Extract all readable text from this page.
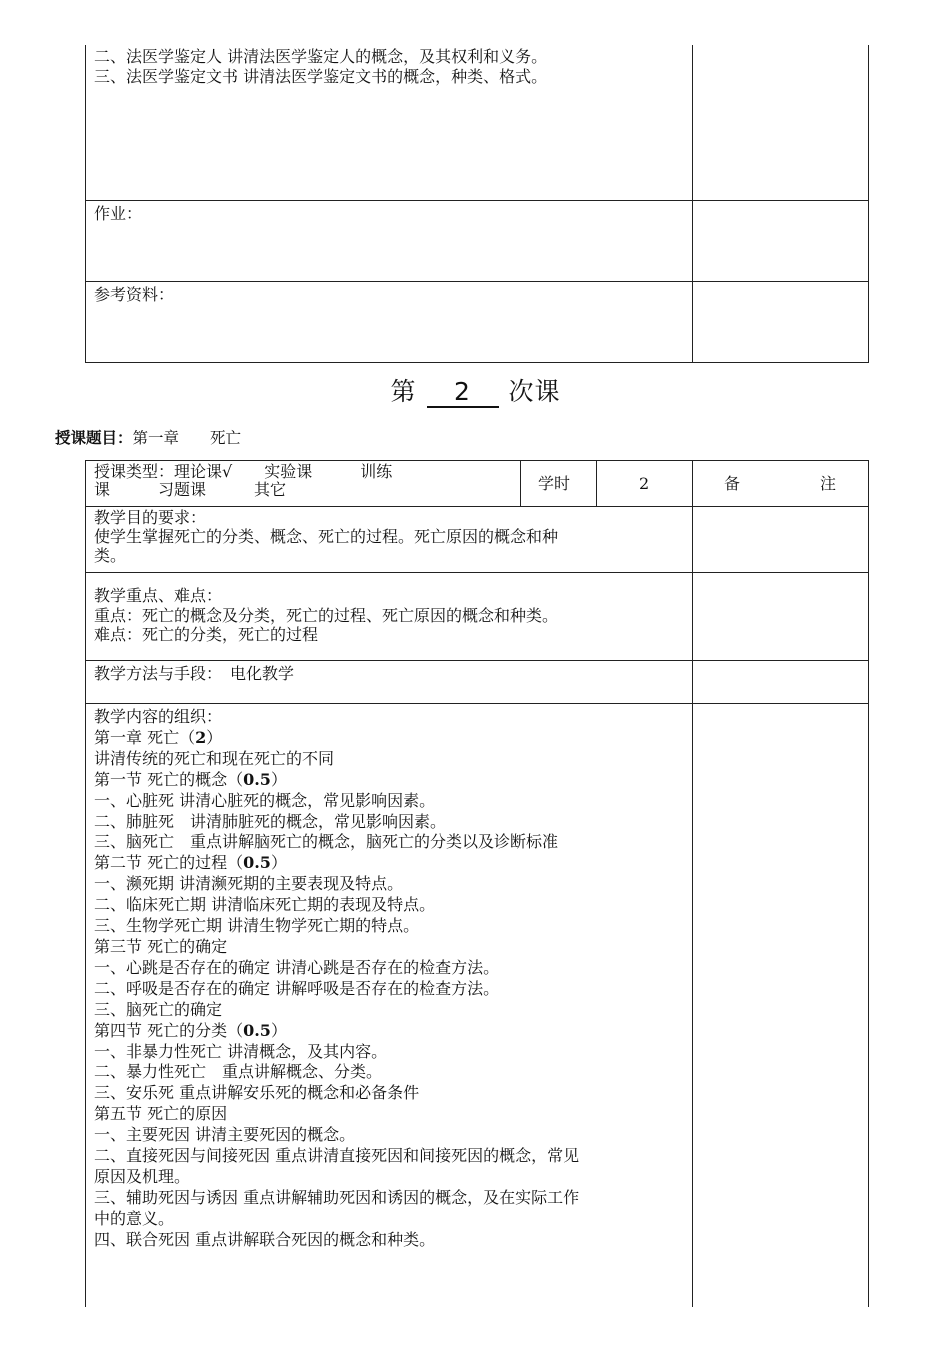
二、法医学鉴定人 讲清法医学鉴定人的概念，及其权利和义务。
三、法医学鉴定文书 讲清法医学鉴定文书的概念，种类、格式。
作业：
参考资料：
第 2 次课
授课题目：第一章　　死亡
授课类型：理论课√　　实验课　　　训练
课　　　习题课　　　其它	学时	2	备	注
教学目的要求：
使学生掌握死亡的分类、概念、死亡的过程。死亡原因的概念和种
类。
教学重点、难点：
重点：死亡的概念及分类，死亡的过程、死亡原因的概念和种类。
难点：死亡的分类，死亡的过程
教学方法与手段：　电化教学
教学内容的组织：
第一章 死亡（2）
讲清传统的死亡和现在死亡的不同
第一节 死亡的概念（0.5）
一、心脏死 讲清心脏死的概念，常见影响因素。
二、肺脏死　讲清肺脏死的概念，常见影响因素。
三、脑死亡　重点讲解脑死亡的概念，脑死亡的分类以及诊断标准
第二节 死亡的过程（0.5）
一、濒死期 讲清濒死期的主要表现及特点。
二、临床死亡期 讲清临床死亡期的表现及特点。
三、生物学死亡期 讲清生物学死亡期的特点。
第三节 死亡的确定
一、心跳是否存在的确定 讲清心跳是否存在的检查方法。
二、呼吸是否存在的确定 讲解呼吸是否存在的检查方法。
三、脑死亡的确定
第四节 死亡的分类（0.5）
一、非暴力性死亡 讲清概念，及其内容。
二、暴力性死亡　重点讲解概念、分类。
三、安乐死 重点讲解安乐死的概念和必备条件
第五节 死亡的原因
一、主要死因 讲清主要死因的概念。
二、直接死因与间接死因 重点讲清直接死因和间接死因的概念，常见
原因及机理。
三、辅助死因与诱因 重点讲解辅助死因和诱因的概念，及在实际工作
中的意义。
四、联合死因 重点讲解联合死因的概念和种类。
